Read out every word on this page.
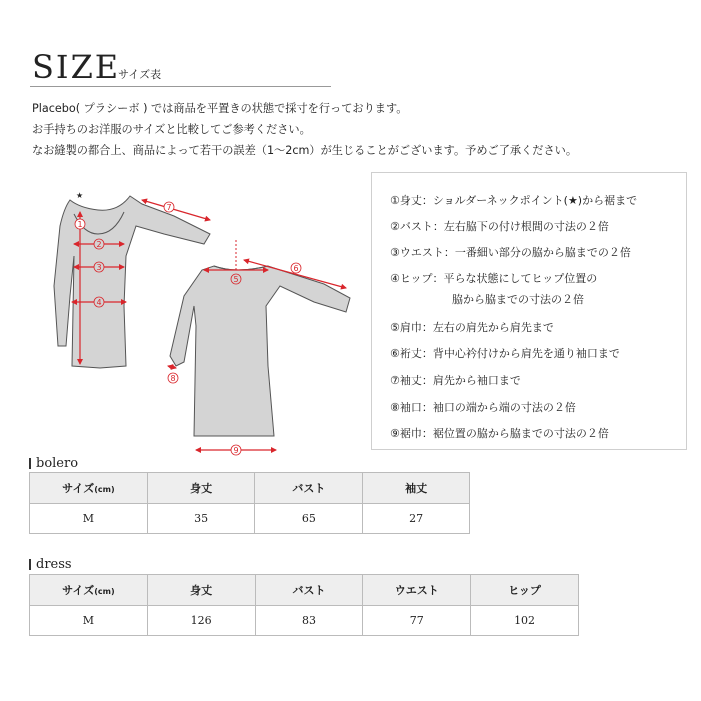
SIZE
サイズ表
Placebo( プラシーボ ) では商品を平置きの状態で採寸を行っております。
お手持ちのお洋服のサイズと比較してご参考ください。
なお縫製の都合上、商品によって若干の誤差（1～2cm）が生じることがございます。予めご了承ください。
★
1
2
3
4
5
6
7
8
9
①身丈：ショルダーネックポイント(★)から裾まで
②バスト：左右脇下の付け根間の寸法の２倍
③ウエスト：一番細い部分の脇から脇までの２倍
④ヒップ：平らな状態にしてヒップ位置の
脇から脇までの寸法の２倍
⑤肩巾：左右の肩先から肩先まで
⑥裄丈：背中心衿付けから肩先を通り袖口まで
⑦袖丈：肩先から袖口まで
⑧袖口：袖口の端から端の寸法の２倍
⑨裾巾：裾位置の脇から脇までの寸法の２倍
bolero
サイズ(cm)	身丈	バスト	袖丈
M	35	65	27
dress
サイズ(cm)	身丈	バスト	ウエスト	ヒップ
M	126	83	77	102
